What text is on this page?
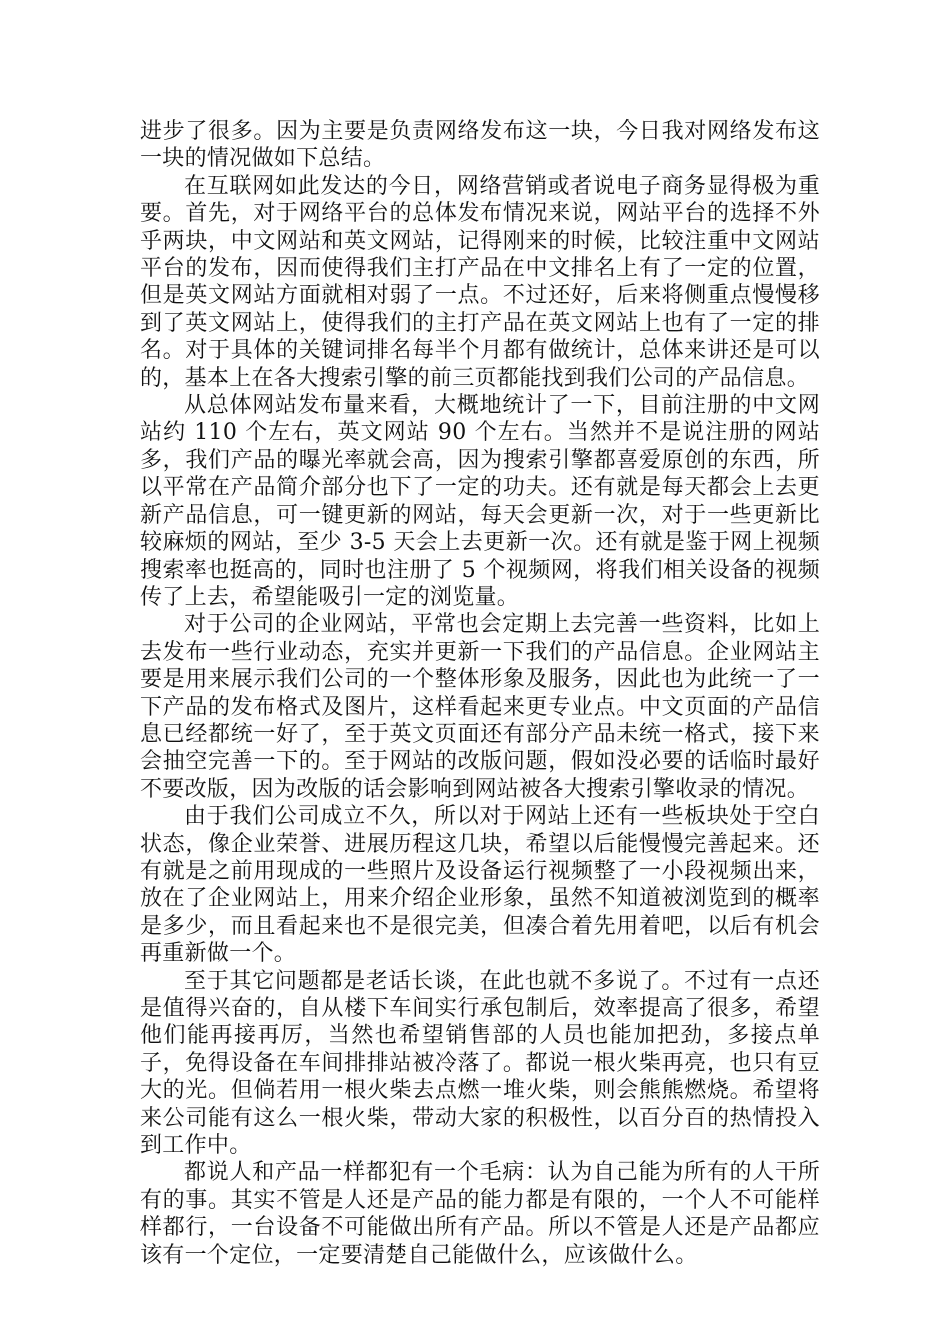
进步了很多。因为主要是负责网络发布这一块，今日我对网络发布这一块的情况做如下总结。

在互联网如此发达的今日，网络营销或者说电子商务显得极为重要。首先，对于网络平台的总体发布情况来说，网站平台的选择不外乎两块，中文网站和英文网站，记得刚来的时候，比较注重中文网站平台的发布，因而使得我们主打产品在中文排名上有了一定的位置，但是英文网站方面就相对弱了一点。不过还好，后来将侧重点慢慢移到了英文网站上，使得我们的主打产品在英文网站上也有了一定的排名。对于具体的关键词排名每半个月都有做统计，总体来讲还是可以的，基本上在各大搜索引擎的前三页都能找到我们公司的产品信息。

从总体网站发布量来看，大概地统计了一下，目前注册的中文网站约 110 个左右，英文网站 90 个左右。当然并不是说注册的网站多，我们产品的曝光率就会高，因为搜索引擎都喜爱原创的东西，所以平常在产品简介部分也下了一定的功夫。还有就是每天都会上去更新产品信息，可一键更新的网站，每天会更新一次，对于一些更新比较麻烦的网站，至少 3-5 天会上去更新一次。还有就是鉴于网上视频搜索率也挺高的，同时也注册了 5 个视频网，将我们相关设备的视频传了上去，希望能吸引一定的浏览量。

对于公司的企业网站，平常也会定期上去完善一些资料，比如上去发布一些行业动态，充实并更新一下我们的产品信息。企业网站主要是用来展示我们公司的一个整体形象及服务，因此也为此统一了一下产品的发布格式及图片，这样看起来更专业点。中文页面的产品信息已经都统一好了，至于英文页面还有部分产品未统一格式，接下来会抽空完善一下的。至于网站的改版问题，假如没必要的话临时最好不要改版，因为改版的话会影响到网站被各大搜索引擎收录的情况。

由于我们公司成立不久，所以对于网站上还有一些板块处于空白状态，像企业荣誉、进展历程这几块，希望以后能慢慢完善起来。还有就是之前用现成的一些照片及设备运行视频整了一小段视频出来，放在了企业网站上，用来介绍企业形象，虽然不知道被浏览到的概率是多少，而且看起来也不是很完美，但凑合着先用着吧，以后有机会再重新做一个。

至于其它问题都是老话长谈，在此也就不多说了。不过有一点还是值得兴奋的，自从楼下车间实行承包制后，效率提高了很多，希望他们能再接再厉，当然也希望销售部的人员也能加把劲，多接点单子，免得设备在车间排排站被冷落了。都说一根火柴再亮，也只有豆大的光。但倘若用一根火柴去点燃一堆火柴，则会熊熊燃烧。希望将来公司能有这么一根火柴，带动大家的积极性，以百分百的热情投入到工作中。

都说人和产品一样都犯有一个毛病：认为自己能为所有的人干所有的事。其实不管是人还是产品的能力都是有限的，一个人不可能样样都行，一台设备不可能做出所有产品。所以不管是人还是产品都应该有一个定位，一定要清楚自己能做什么，应该做什么。
